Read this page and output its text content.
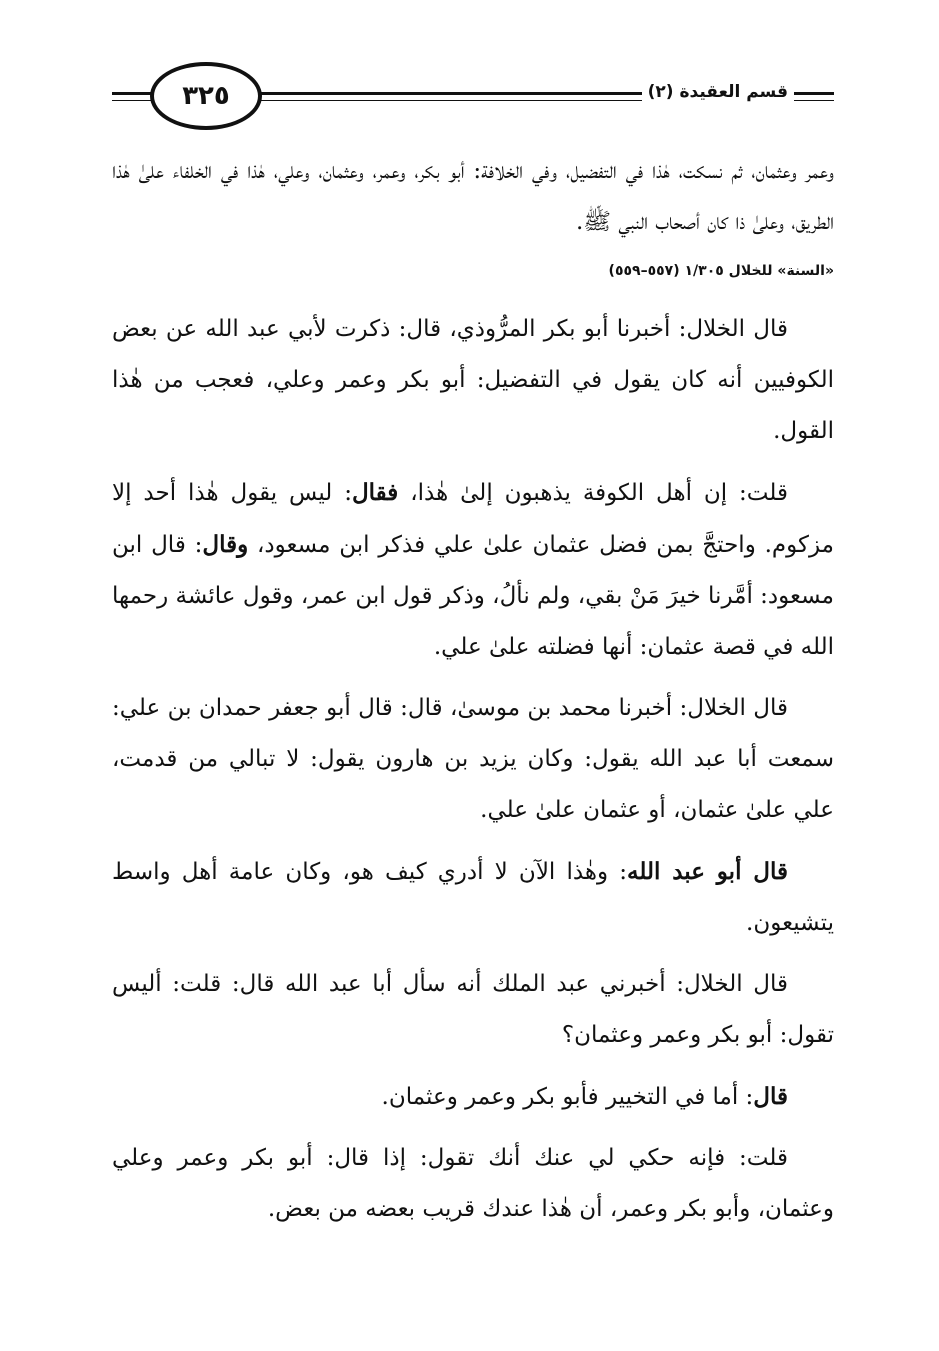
٣٢٥	قسم العقيدة (٢)

وعمر وعثمان، ثم نسكت، هٰذا في التفضيل، وفي الخلافة: أبو بكر، وعمر، وعثمان، وعلي، هٰذا في الخلفاء علىٰ هٰذا الطريق، وعلىٰ ذا كان أصحاب النبي ﷺ.

«السنة» للخلال ١/٣٠٥ (٥٥٧–٥٥٩)

قال الخلال: أخبرنا أبو بكر المرُّوذي، قال: ذكرت لأبي عبد الله عن بعض الكوفيين أنه كان يقول في التفضيل: أبو بكر وعمر وعلي، فعجب من هٰذا القول.

قلت: إن أهل الكوفة يذهبون إلىٰ هٰذا، فقال: ليس يقول هٰذا أحد إلا مزكوم. واحتجَّ بمن فضل عثمان علىٰ علي فذكر ابن مسعود، وقال: قال ابن مسعود: أمَّرنا خيرَ مَنْ بقي، ولم نألُ، وذكر قول ابن عمر، وقول عائشة رحمها الله في قصة عثمان: أنها فضلته علىٰ علي.

قال الخلال: أخبرنا محمد بن موسىٰ، قال: قال أبو جعفر حمدان بن علي: سمعت أبا عبد الله يقول: وكان يزيد بن هارون يقول: لا تبالي من قدمت، علي علىٰ عثمان، أو عثمان علىٰ علي.

قال أبو عبد الله: وهٰذا الآن لا أدري كيف هو، وكان عامة أهل واسط يتشيعون.

قال الخلال: أخبرني عبد الملك أنه سأل أبا عبد الله قال: قلت: أليس تقول: أبو بكر وعمر وعثمان؟

قال: أما في التخيير فأبو بكر وعمر وعثمان.

قلت: فإنه حكي لي عنك أنك تقول: إذا قال: أبو بكر وعمر وعلي وعثمان، وأبو بكر وعمر، أن هٰذا عندك قريب بعضه من بعض.
